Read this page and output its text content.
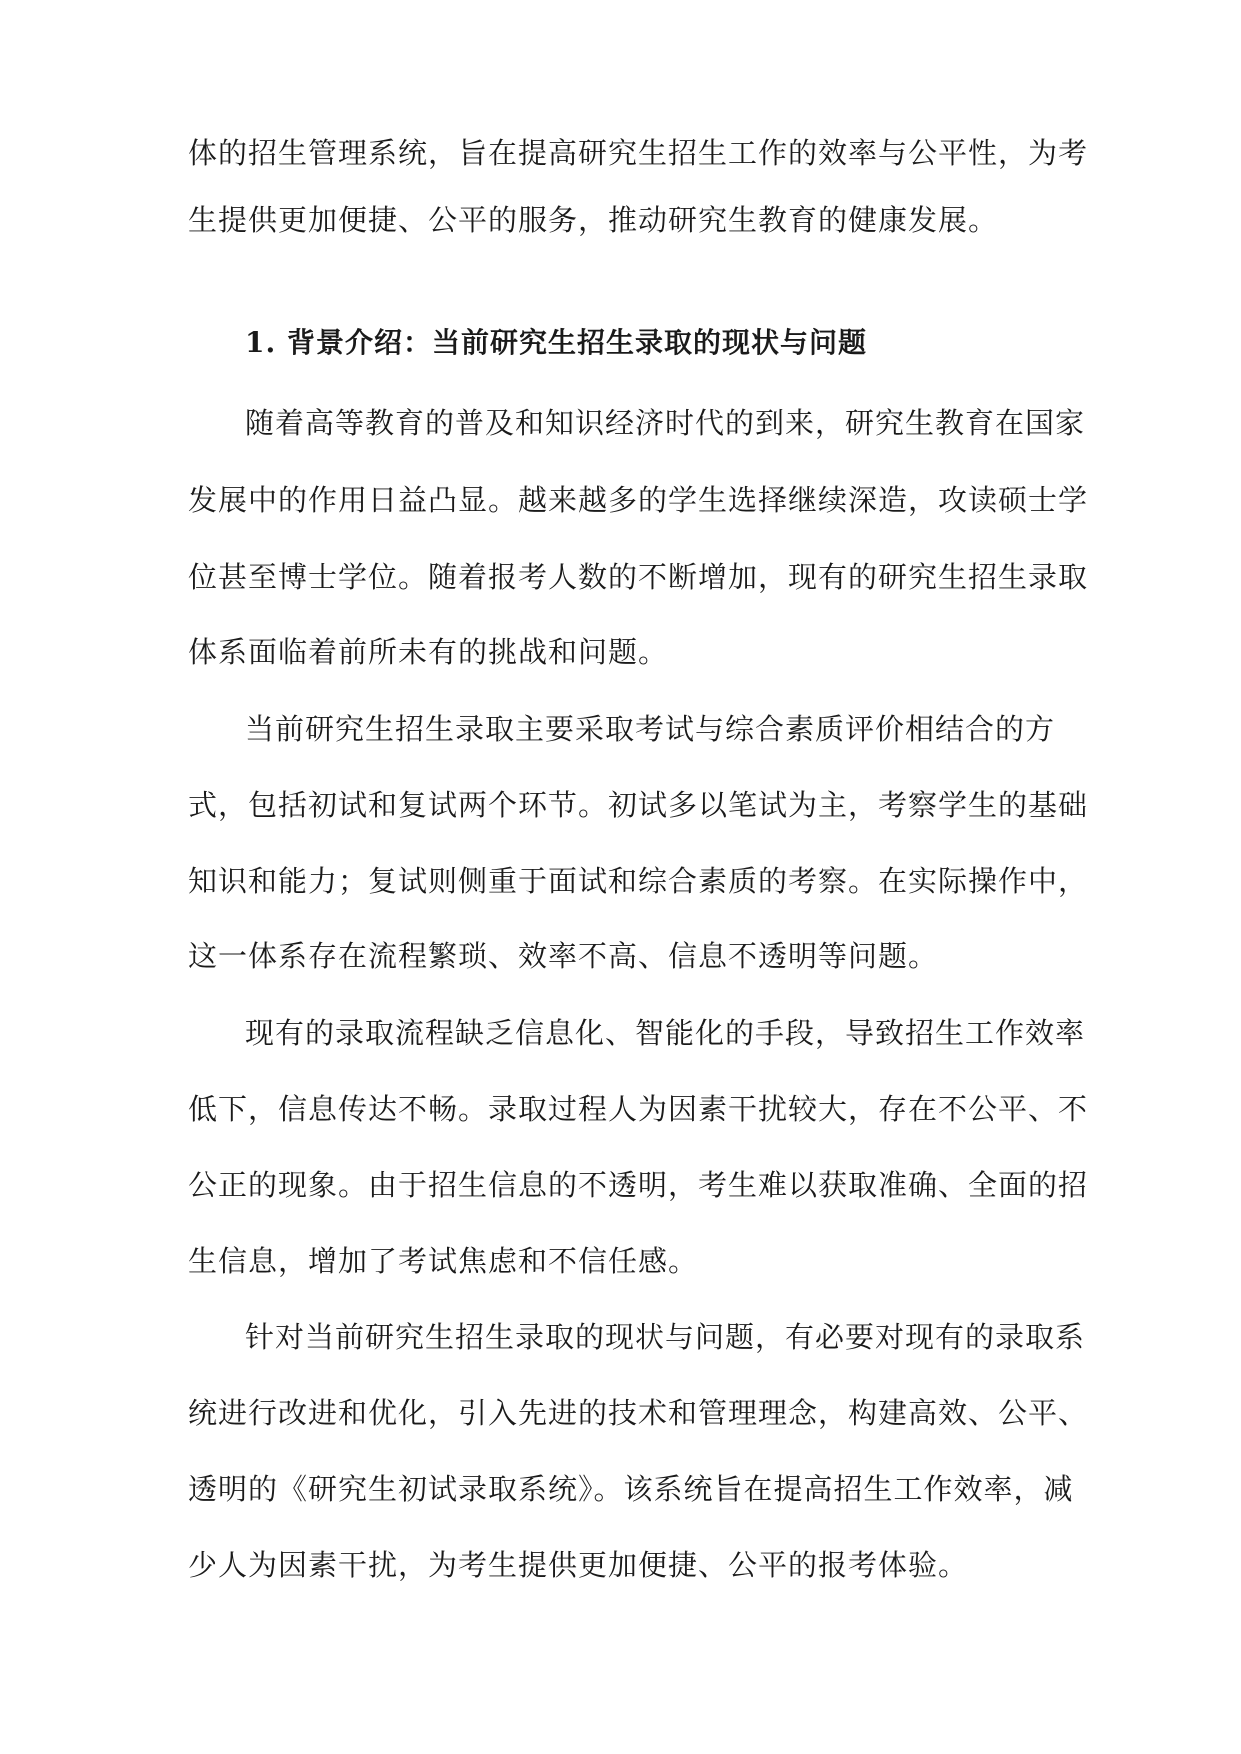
体的招生管理系统，旨在提高研究生招生工作的效率与公平性，为考
生提供更加便捷、公平的服务，推动研究生教育的健康发展。
1. 背景介绍：当前研究生招生录取的现状与问题
随着高等教育的普及和知识经济时代的到来，研究生教育在国家
发展中的作用日益凸显。越来越多的学生选择继续深造，攻读硕士学
位甚至博士学位。随着报考人数的不断增加，现有的研究生招生录取
体系面临着前所未有的挑战和问题。
当前研究生招生录取主要采取考试与综合素质评价相结合的方
式，包括初试和复试两个环节。初试多以笔试为主，考察学生的基础
知识和能力；复试则侧重于面试和综合素质的考察。在实际操作中，
这一体系存在流程繁琐、效率不高、信息不透明等问题。
现有的录取流程缺乏信息化、智能化的手段，导致招生工作效率
低下，信息传达不畅。录取过程人为因素干扰较大，存在不公平、不
公正的现象。由于招生信息的不透明，考生难以获取准确、全面的招
生信息，增加了考试焦虑和不信任感。
针对当前研究生招生录取的现状与问题，有必要对现有的录取系
统进行改进和优化，引入先进的技术和管理理念，构建高效、公平、
透明的《研究生初试录取系统》。该系统旨在提高招生工作效率，减
少人为因素干扰，为考生提供更加便捷、公平的报考体验。
